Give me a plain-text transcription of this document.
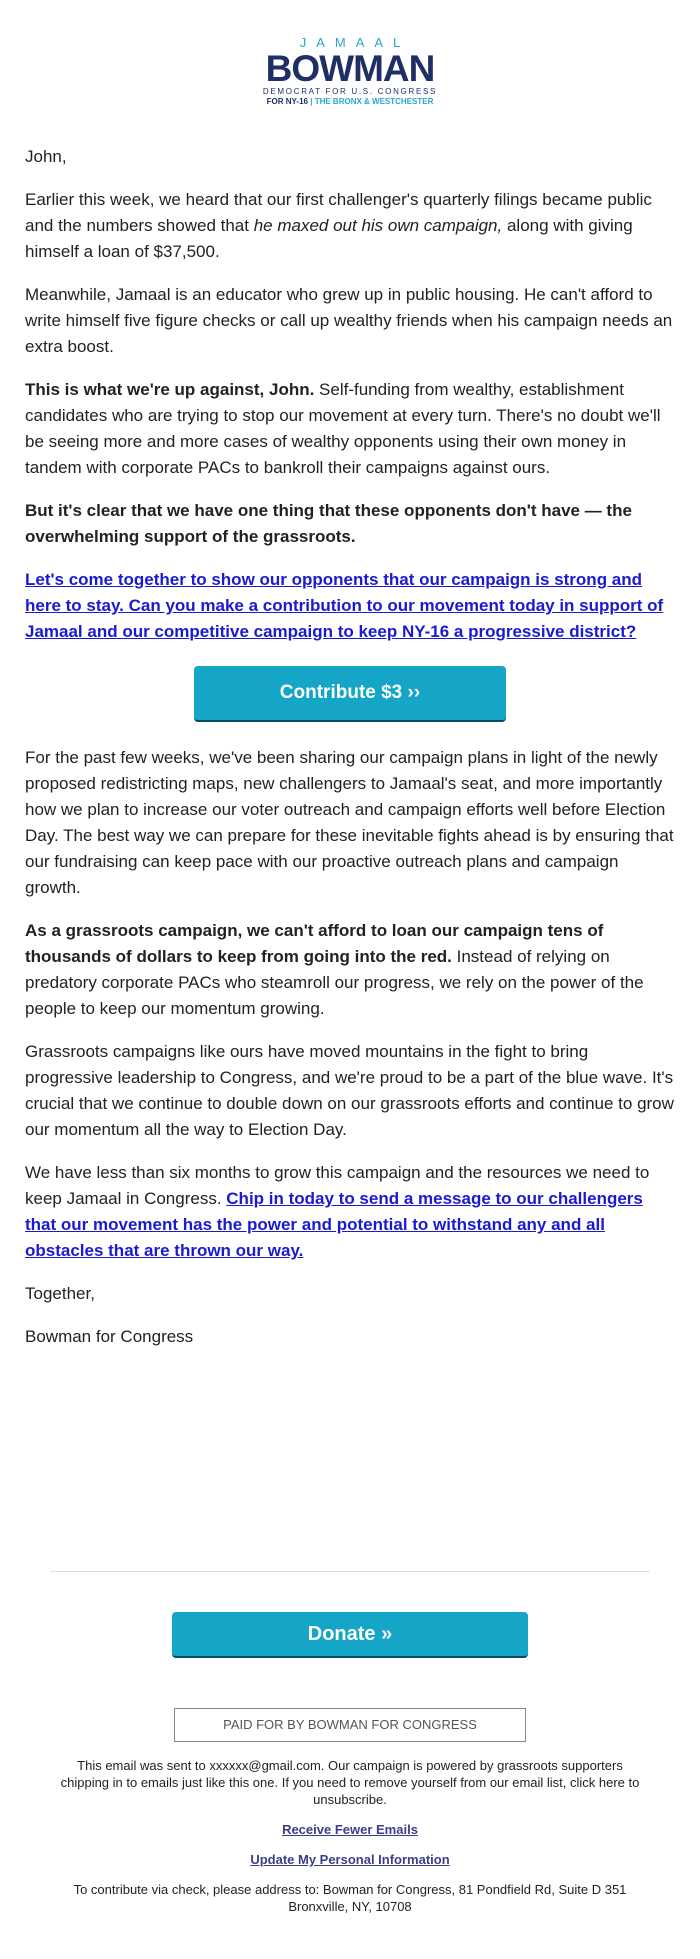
JAMAAL
BOWMAN
DEMOCRAT FOR U.S. CONGRESS
FOR NY-16 | THE BRONX & WESTCHESTER

John,

Earlier this week, we heard that our first challenger's quarterly filings became public and the numbers showed that he maxed out his own campaign, along with giving himself a loan of $37,500.

Meanwhile, Jamaal is an educator who grew up in public housing. He can't afford to write himself five figure checks or call up wealthy friends when his campaign needs an extra boost.

This is what we're up against, John. Self-funding from wealthy, establishment candidates who are trying to stop our movement at every turn. There's no doubt we'll be seeing more and more cases of wealthy opponents using their own money in tandem with corporate PACs to bankroll their campaigns against ours.

But it's clear that we have one thing that these opponents don't have — the overwhelming support of the grassroots.

Let's come together to show our opponents that our campaign is strong and here to stay. Can you make a contribution to our movement today in support of Jamaal and our competitive campaign to keep NY-16 a progressive district?

Contribute $3 ››

For the past few weeks, we've been sharing our campaign plans in light of the newly proposed redistricting maps, new challengers to Jamaal's seat, and more importantly how we plan to increase our voter outreach and campaign efforts well before Election Day. The best way we can prepare for these inevitable fights ahead is by ensuring that our fundraising can keep pace with our proactive outreach plans and campaign growth.

As a grassroots campaign, we can't afford to loan our campaign tens of thousands of dollars to keep from going into the red. Instead of relying on predatory corporate PACs who steamroll our progress, we rely on the power of the people to keep our momentum growing.

Grassroots campaigns like ours have moved mountains in the fight to bring progressive leadership to Congress, and we're proud to be a part of the blue wave. It's crucial that we continue to double down on our grassroots efforts and continue to grow our momentum all the way to Election Day.

We have less than six months to grow this campaign and the resources we need to keep Jamaal in Congress. Chip in today to send a message to our challengers that our movement has the power and potential to withstand any and all obstacles that are thrown our way.

Together,

Bowman for Congress

Donate »
PAID FOR BY BOWMAN FOR CONGRESS

This email was sent to xxxxxx@gmail.com. Our campaign is powered by grassroots supporters chipping in to emails just like this one. If you need to remove yourself from our email list, click here to unsubscribe.

Receive Fewer Emails
Update My Personal Information

To contribute via check, please address to: Bowman for Congress, 81 Pondfield Rd, Suite D 351 Bronxville, NY, 10708
